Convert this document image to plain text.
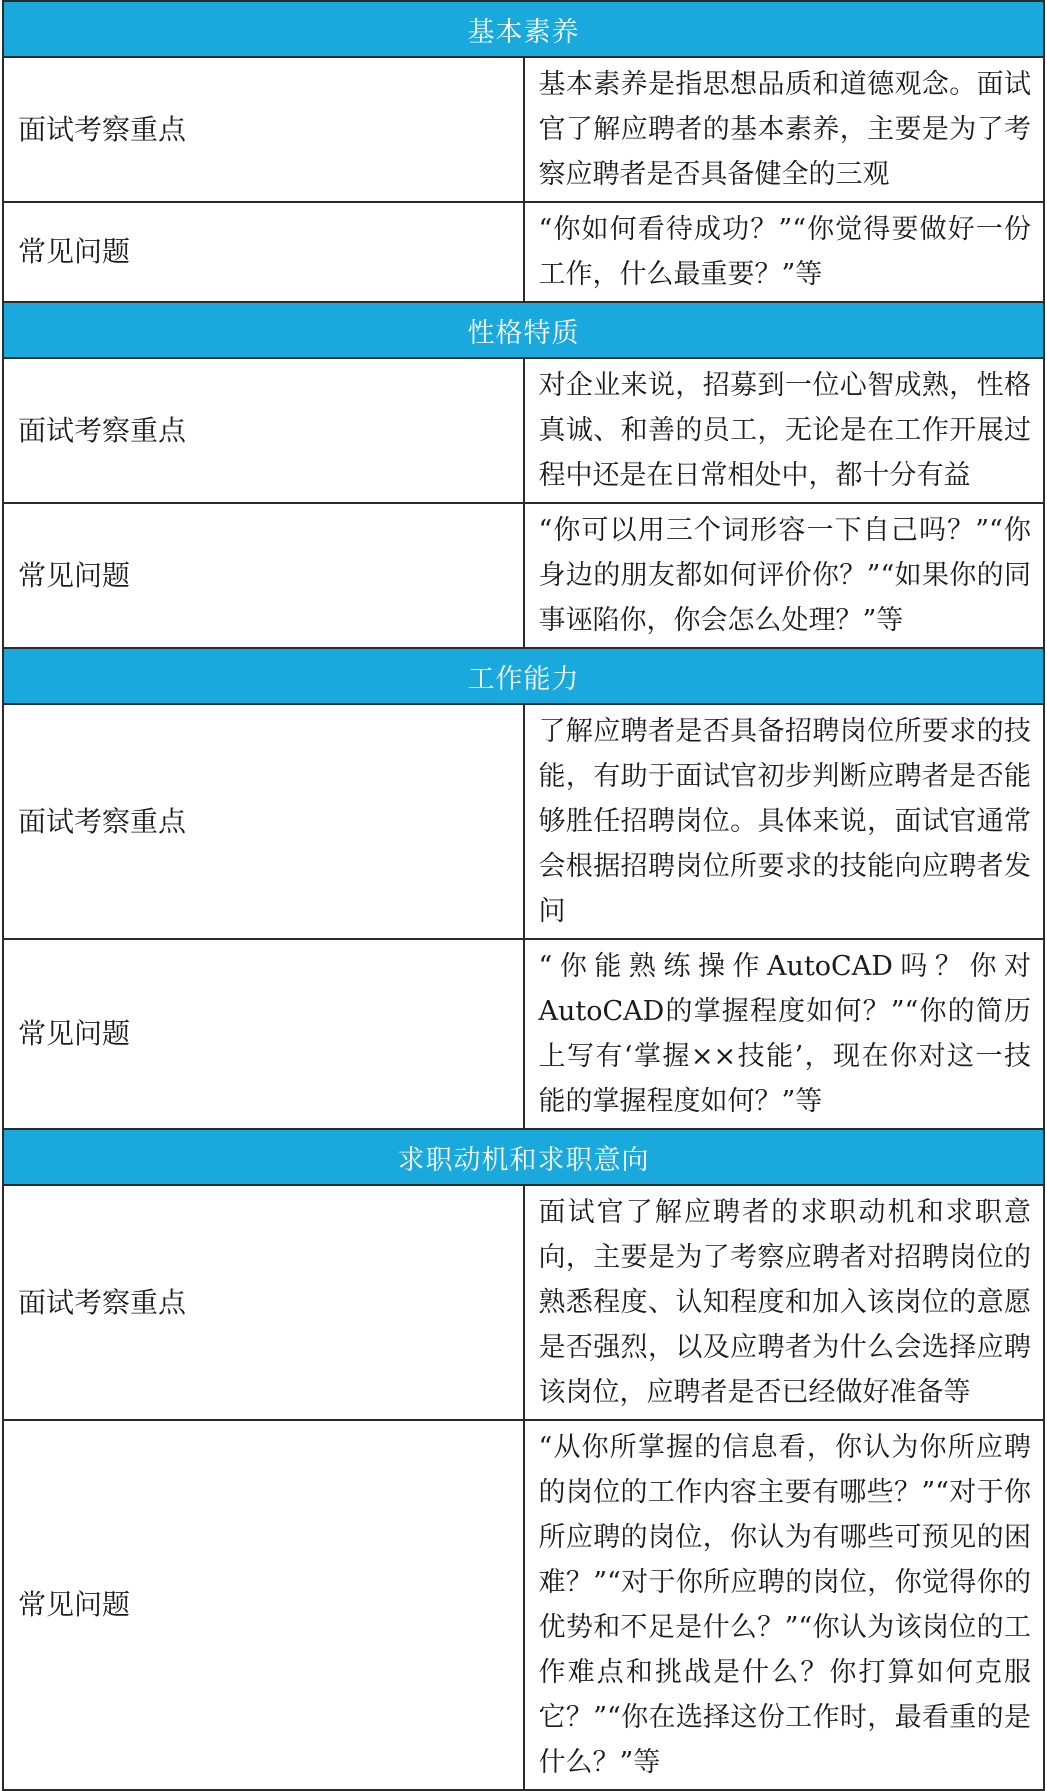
基本素养	
面试考察重点	基本素养是指思想品质和道德观念。面试官了解应聘者的基本素养，主要是为了考察应聘者是否具备健全的三观
常见问题	“你如何看待成功？”“你觉得要做好一份工作，什么最重要？”等
性格特质	
面试考察重点	对企业来说，招募到一位心智成熟，性格真诚、和善的员工，无论是在工作开展过程中还是在日常相处中，都十分有益
常见问题	“你可以用三个词形容一下自己吗？”“你身边的朋友都如何评价你？”“如果你的同事诬陷你，你会怎么处理？”等
工作能力	
面试考察重点	了解应聘者是否具备招聘岗位所要求的技能，有助于面试官初步判断应聘者是否能够胜任招聘岗位。具体来说，面试官通常会根据招聘岗位所要求的技能向应聘者发问
常见问题	“你能熟练操作AutoCAD吗？你对AutoCAD的掌握程度如何？”“你的简历上写有‘掌握××技能’，现在你对这一技能的掌握程度如何？”等
求职动机和求职意向	
面试考察重点	面试官了解应聘者的求职动机和求职意向，主要是为了考察应聘者对招聘岗位的熟悉程度、认知程度和加入该岗位的意愿是否强烈，以及应聘者为什么会选择应聘该岗位，应聘者是否已经做好准备等
常见问题	“从你所掌握的信息看，你认为你所应聘的岗位的工作内容主要有哪些？”“对于你所应聘的岗位，你认为有哪些可预见的困难？”“对于你所应聘的岗位，你觉得你的优势和不足是什么？”“你认为该岗位的工作难点和挑战是什么？你打算如何克服它？”“你在选择这份工作时，最看重的是什么？”等
